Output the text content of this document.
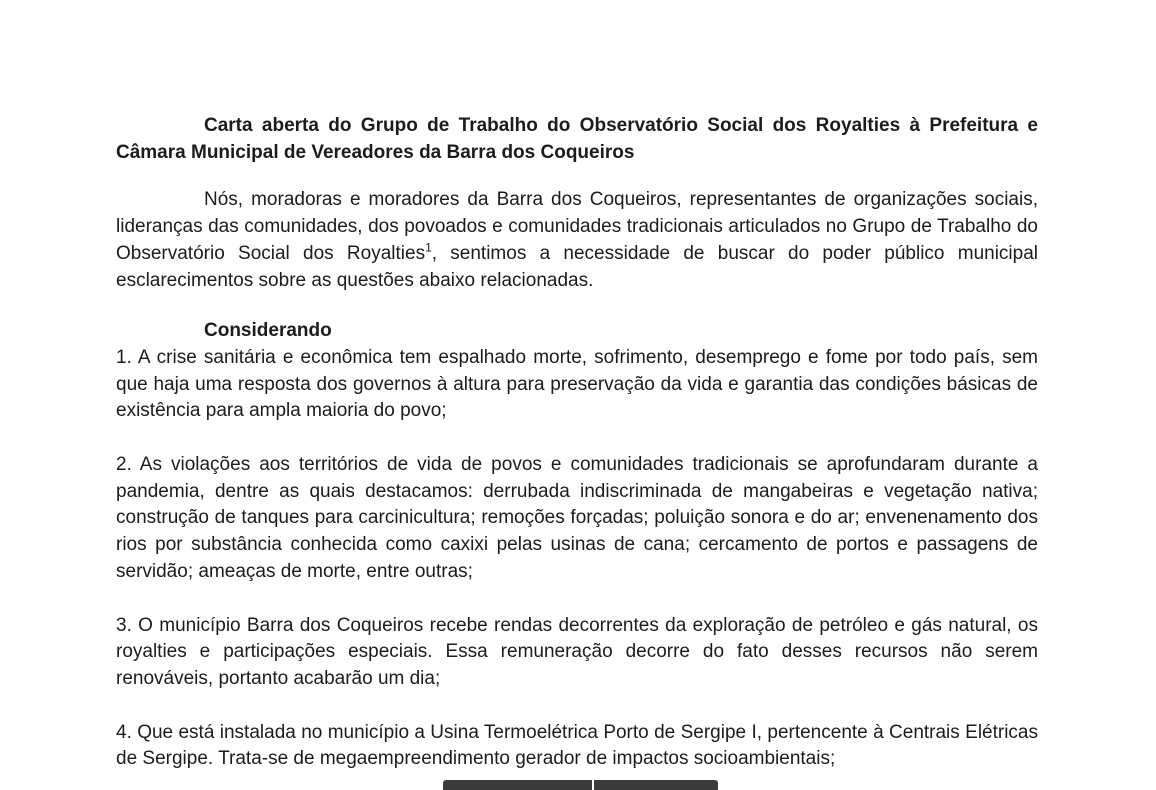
Carta aberta do Grupo de Trabalho do Observatório Social dos Royalties à Prefeitura e Câmara Municipal de Vereadores da Barra dos Coqueiros

Nós, moradoras e moradores da Barra dos Coqueiros, representantes de organizações sociais, lideranças das comunidades, dos povoados e comunidades tradicionais articulados no Grupo de Trabalho do Observatório Social dos Royalties$^1$, sentimos a necessidade de buscar do poder público municipal esclarecimentos sobre as questões abaixo relacionadas.

Considerando

1. A crise sanitária e econômica tem espalhado morte, sofrimento, desemprego e fome por todo país, sem que haja uma resposta dos governos à altura para preservação da vida e garantia das condições básicas de existência para ampla maioria do povo;

2. As violações aos territórios de vida de povos e comunidades tradicionais se aprofundaram durante a pandemia, dentre as quais destacamos: derrubada indiscriminada de mangabeiras e vegetação nativa; construção de tanques para carcinicultura; remoções forçadas; poluição sonora e do ar; envenenamento dos rios por substância conhecida como caxixi pelas usinas de cana; cercamento de portos e passagens de servidão; ameaças de morte, entre outras;

3. O município Barra dos Coqueiros recebe rendas decorrentes da exploração de petróleo e gás natural, os royalties e participações especiais. Essa remuneração decorre do fato desses recursos não serem renováveis, portanto acabarão um dia;

4. Que está instalada no município a Usina Termoelétrica Porto de Sergipe I, pertencente à Centrais Elétricas de Sergipe. Trata-se de megaempreendimento gerador de impactos socioambientais;
